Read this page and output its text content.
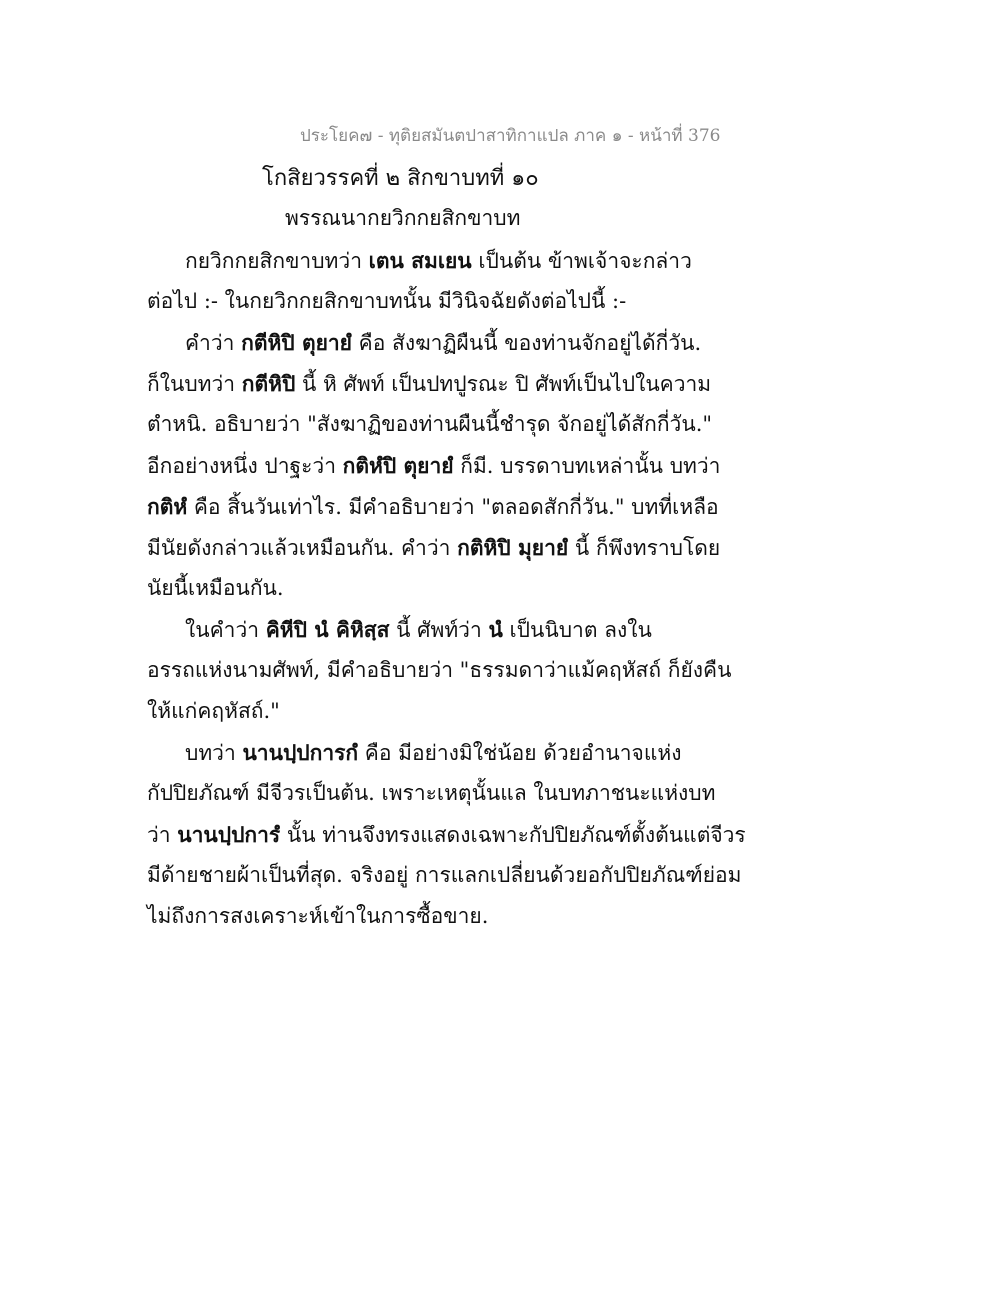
ประโยค๗ - ทุติยสมันตปาสาทิกาแปล ภาค ๑ - หน้าที่ 376
โกสิยวรรคที่ ๒ สิกขาบทที่ ๑๐
พรรณนากยวิกกยสิกขาบท
กยวิกกยสิกขาบทว่า เตน สมเยน เป็นต้น ข้าพเจ้าจะกล่าว
ต่อไป :- ในกยวิกกยสิกขาบทนั้น มีวินิจฉัยดังต่อไปนี้ :-
คำว่า กตีหิปิ ตุยายํ คือ สังฆาฏิผืนนี้ ของท่านจักอยู่ได้กี่วัน.
ก็ในบทว่า กตีหิปิ นี้ หิ ศัพท์ เป็นปทปูรณะ ปิ ศัพท์เป็นไปในความ
ตำหนิ. อธิบายว่า "สังฆาฏิของท่านผืนนี้ชำรุด จักอยู่ได้สักกี่วัน."
อีกอย่างหนึ่ง ปาฐะว่า กติหํปิ ตุยายํ ก็มี. บรรดาบทเหล่านั้น บทว่า
กติหํ คือ สิ้นวันเท่าไร. มีคำอธิบายว่า "ตลอดสักกี่วัน." บทที่เหลือ
มีนัยดังกล่าวแล้วเหมือนกัน. คำว่า กติหิปิ มุยายํ นี้ ก็พึงทราบโดย
นัยนี้เหมือนกัน.
ในคำว่า คิหีปิ นํ คิหิสฺส นี้ ศัพท์ว่า นํ เป็นนิบาต ลงใน
อรรถแห่งนามศัพท์, มีคำอธิบายว่า "ธรรมดาว่าแม้คฤหัสถ์ ก็ยังคืน
ให้แก่คฤหัสถ์."
บทว่า นานปฺปการกํ คือ มีอย่างมิใช่น้อย ด้วยอำนาจแห่ง
กัปปิยภัณฑ์ มีจีวรเป็นต้น. เพราะเหตุนั้นแล ในบทภาชนะแห่งบท
ว่า นานปฺปการํ นั้น ท่านจึงทรงแสดงเฉพาะกัปปิยภัณฑ์ตั้งต้นแต่จีวร
มีด้ายชายผ้าเป็นที่สุด. จริงอยู่ การแลกเปลี่ยนด้วยอกัปปิยภัณฑ์ย่อม
ไม่ถึงการสงเคราะห์เข้าในการซื้อขาย.
